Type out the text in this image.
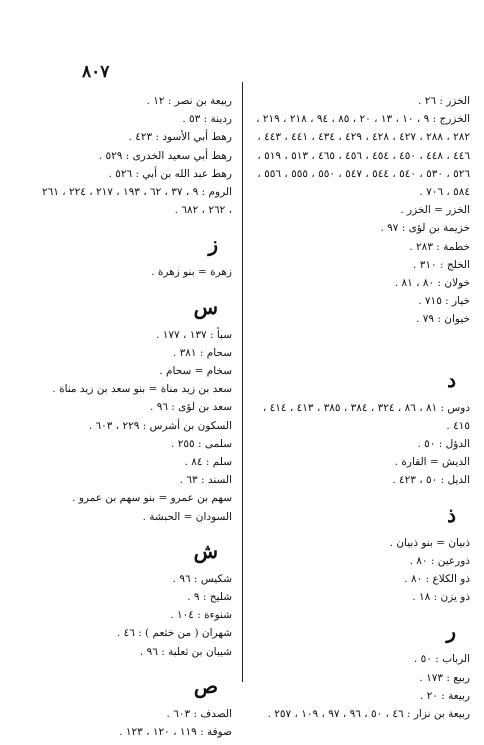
٨٠٧

الخزر : ٢٦ .

الخزرج : ٩ ، ١٠ ، ١٣ ، ٢٠ ، ٨٥ ، ٩٤ ، ٢١٨ ، ٢١٩ ، ٢٨٢ ، ٢٨٨ ، ٤٢٧ ، ٤٢٨ ، ٤٢٩ ، ٤٣٤ ، ٤٤١ ، ٤٤٣ ، ٤٤٦ ، ٤٤٨ ، ٤٥٠ ، ٤٥٤ ، ٤٥٦ ، ٤٦٥ ، ٥١٣ ، ٥١٩ ، ٥٢٦ ، ٥٣٠ ، ٥٤٠ ، ٥٤٤ ، ٥٤٧ ، ٥٥٠ ، ٥٥٥ ، ٥٥٦ ، ٥٨٤ ، ٧٠٦ .

الخزر = الخزر .

خزيمة بن لؤى : ٩٧ .

خطمة : ٢٨٣ .

الخلج : ٣١٠ .

خولان : ٨٠ ، ٨١ .

خيار : ٧١٥ .

خيوان : ٧٩ .

د

دوس : ٨١ ، ٨٦ ، ٣٢٤ ، ٣٨٤ ، ٣٨٥ ، ٤١٣ ، ٤١٤ ، ٤١٥ .

الدؤل : ٥٠ .

الديش = القارة .

الديل : ٥٠ ، ٤٢٣ .

ذ

ذبيان = بنو ذبيان .

ذورعين : ٨٠ .

ذو الكلاع : ٨٠ .

ذو يزن : ١٨ .

ر

الرباب : ٥٠ .

ربيع : ١٧٣ .

ربيعة : ٢٠ .

ربيعة بن نزار : ٤٦ ، ٥٠ ، ٩٦ ، ٩٧ ، ١٠٩ ، ٢٥٧ .

ربيعة بن نصر : ١٢ .

ردينة : ٥٣ .

رهط أبي الأسود : ٤٢٣ .

رهط أبي سعيد الخدرى : ٥٢٩ .

رهط عبد الله بن أبي : ٥٢٦ .

الروم : ٩ ، ٣٧ ، ٦٢ ، ١٩٣ ، ٢١٧ ، ٢٢٤ ، ٢٦١ ، ٢٦٢ ، ٦٨٢ .

ز

زهرة = بنو زهرة .

س

سبأ : ١٣٧ ، ١٧٧ .

سحام : ٣٨١ .

سخام = سحام .

سعد بن زيد مناة = بنو سعد بن زيد مناة .

سعد بن لؤى : ٩٦ .

السكون بن أشرس : ٢٢٩ ، ٦٠٣ .

سلمى : ٢٥٥ .

سلم : ٨٤ .

السند : ٦٣ .

سهم بن عمرو = بنو سهم بن عمرو .

السودان = الحبشة .

ش

شكيس : ٩٦ .

شليح : ٩ .

شنوءة : ١٠٤ .

شهران ( من خثعم ) : ٤٦ .

شيبان بن ثعلبة : ٩٦ .

ص

الصدف : ٦٠٣ .

صوفة : ١١٩ ، ١٢٠ ، ١٢٣ .
